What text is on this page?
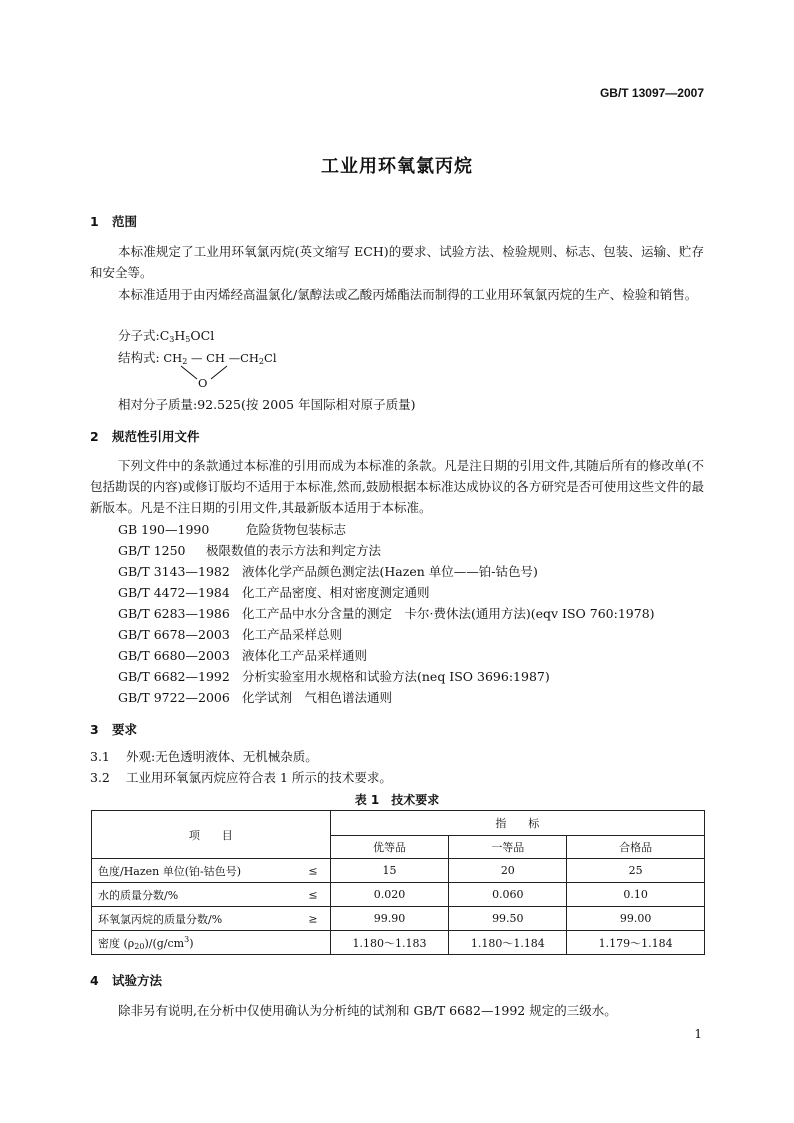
GB/T 13097—2007
工业用环氧氯丙烷
1 范围
本标准规定了工业用环氧氯丙烷(英文缩写 ECH)的要求、试验方法、检验规则、标志、包装、运输、贮存和安全等。
本标准适用于由丙烯经高温氯化/氯醇法或乙酸丙烯酯法而制得的工业用环氧氯丙烷的生产、检验和销售。
分子式$:C_3H_5OCl$
结构式: $CH_2$ — CH $—CH_2Cl$
O
相对分子质量:92.525(按 2005 年国际相对原子质量)
2 规范性引用文件
下列文件中的条款通过本标准的引用而成为本标准的条款。凡是注日期的引用文件,其随后所有的修改单(不包括勘误的内容)或修订版均不适用于本标准,然而,鼓励根据本标准达成协议的各方研究是否可使用这些文件的最新版本。凡是不注日期的引用文件,其最新版本适用于本标准。
GB 190—1990	危险货物包装标志
GB/T 1250 极限数值的表示方法和判定方法
GB/T 3143—1982 液体化学产品颜色测定法(Hazen 单位——铂-钴色号)
GB/T 4472—1984 化工产品密度、相对密度测定通则
GB/T 6283—1986 化工产品中水分含量的测定　卡尔·费休法(通用方法)(eqv ISO 760:1978)
GB/T 6678—2003 化工产品采样总则
GB/T 6680—2003 液体化工产品采样通则
GB/T 6682—1992 分析实验室用水规格和试验方法(neq ISO 3696:1987)
GB/T 9722—2006 化学试剂　气相色谱法通则
3 要求
3.1 外观:无色透明液体、无机械杂质。
3.2 工业用环氧氯丙烷应符合表 1 所示的技术要求。
表 1　技术要求
项　　目	指　　标		
	优等品	一等品	合格品
色度/Hazen 单位(铂-钴色号) ≤	15	20	25
水的质量分数/% ≤	0.020	0.060	0.10
环氧氯丙烷的质量分数/% ≥	99.90	99.50	99.00
密度 $(\rho_{20})/(g/cm^3)$	1.180～1.183	1.180～1.184	1.179～1.184
4 试验方法
除非另有说明,在分析中仅使用确认为分析纯的试剂和 GB/T 6682—1992 规定的三级水。
1
